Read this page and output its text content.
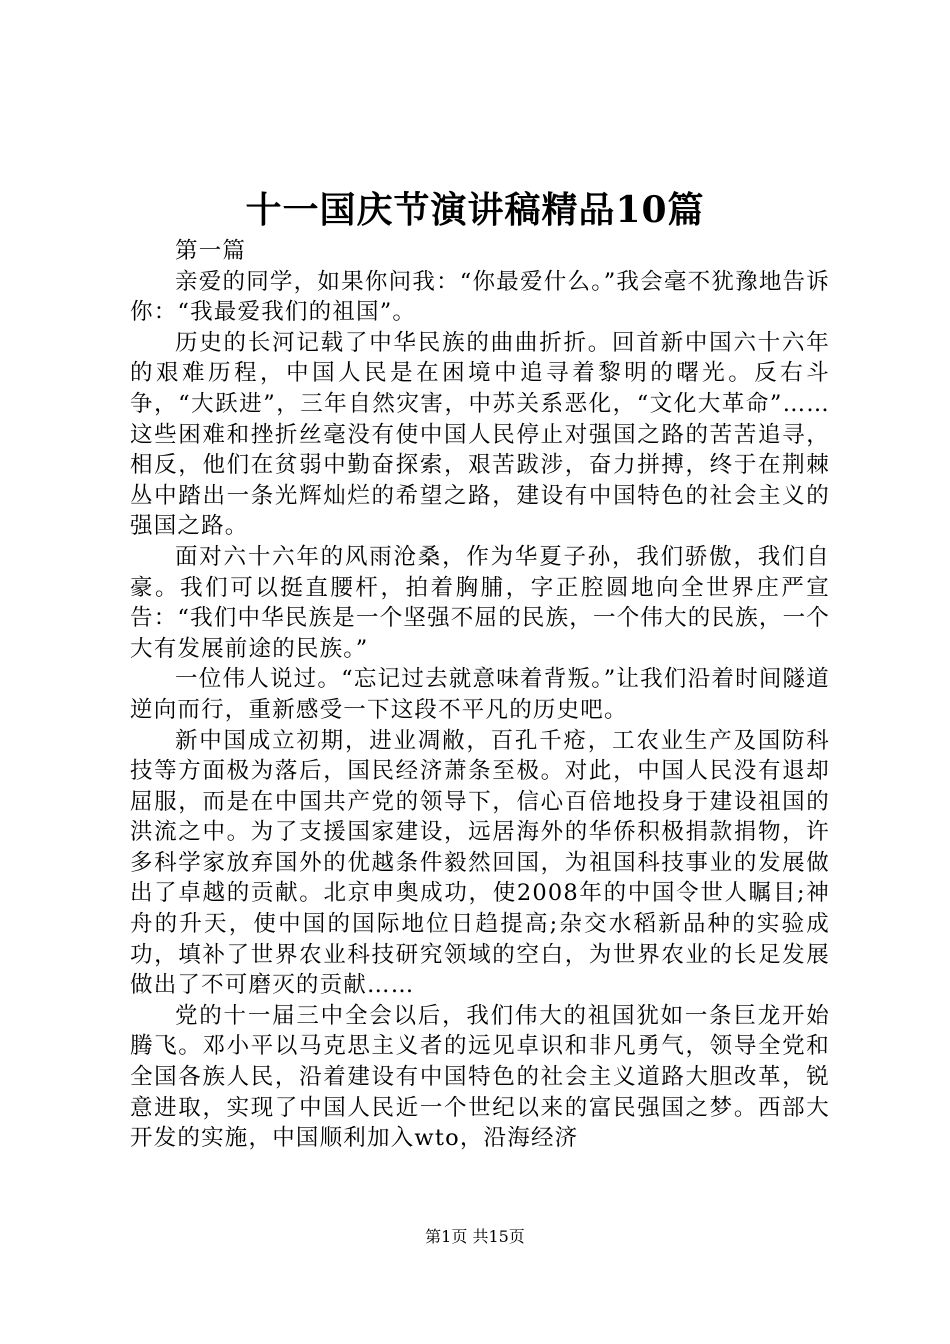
十一国庆节演讲稿精品10篇

第一篇

亲爱的同学，如果你问我：“你最爱什么。”我会毫不犹豫地告诉你：“我最爱我们的祖国”。

历史的长河记载了中华民族的曲曲折折。回首新中国六十六年的艰难历程，中国人民是在困境中追寻着黎明的曙光。反右斗争，“大跃进”，三年自然灾害，中苏关系恶化，“文化大革命”……这些困难和挫折丝毫没有使中国人民停止对强国之路的苦苦追寻，相反，他们在贫弱中勤奋探索，艰苦跋涉，奋力拼搏，终于在荆棘丛中踏出一条光辉灿烂的希望之路，建设有中国特色的社会主义的强国之路。

面对六十六年的风雨沧桑，作为华夏子孙，我们骄傲，我们自豪。我们可以挺直腰杆，拍着胸脯，字正腔圆地向全世界庄严宣告：“我们中华民族是一个坚强不屈的民族，一个伟大的民族，一个大有发展前途的民族。”

一位伟人说过。“忘记过去就意味着背叛。”让我们沿着时间隧道逆向而行，重新感受一下这段不平凡的历史吧。

新中国成立初期，进业凋敝，百孔千疮，工农业生产及国防科技等方面极为落后，国民经济萧条至极。对此，中国人民没有退却屈服，而是在中国共产党的领导下，信心百倍地投身于建设祖国的洪流之中。为了支援国家建设，远居海外的华侨积极捐款捐物，许多科学家放弃国外的优越条件毅然回国，为祖国科技事业的发展做出了卓越的贡献。北京申奥成功，使2008年的中国令世人瞩目;神舟的升天，使中国的国际地位日趋提高;杂交水稻新品种的实验成功，填补了世界农业科技研究领域的空白，为世界农业的长足发展做出了不可磨灭的贡献……

党的十一届三中全会以后，我们伟大的祖国犹如一条巨龙开始腾飞。邓小平以马克思主义者的远见卓识和非凡勇气，领导全党和全国各族人民，沿着建设有中国特色的社会主义道路大胆改革，锐意进取，实现了中国人民近一个世纪以来的富民强国之梦。西部大开发的实施，中国顺利加入wto，沿海经济

第1页 共15页
